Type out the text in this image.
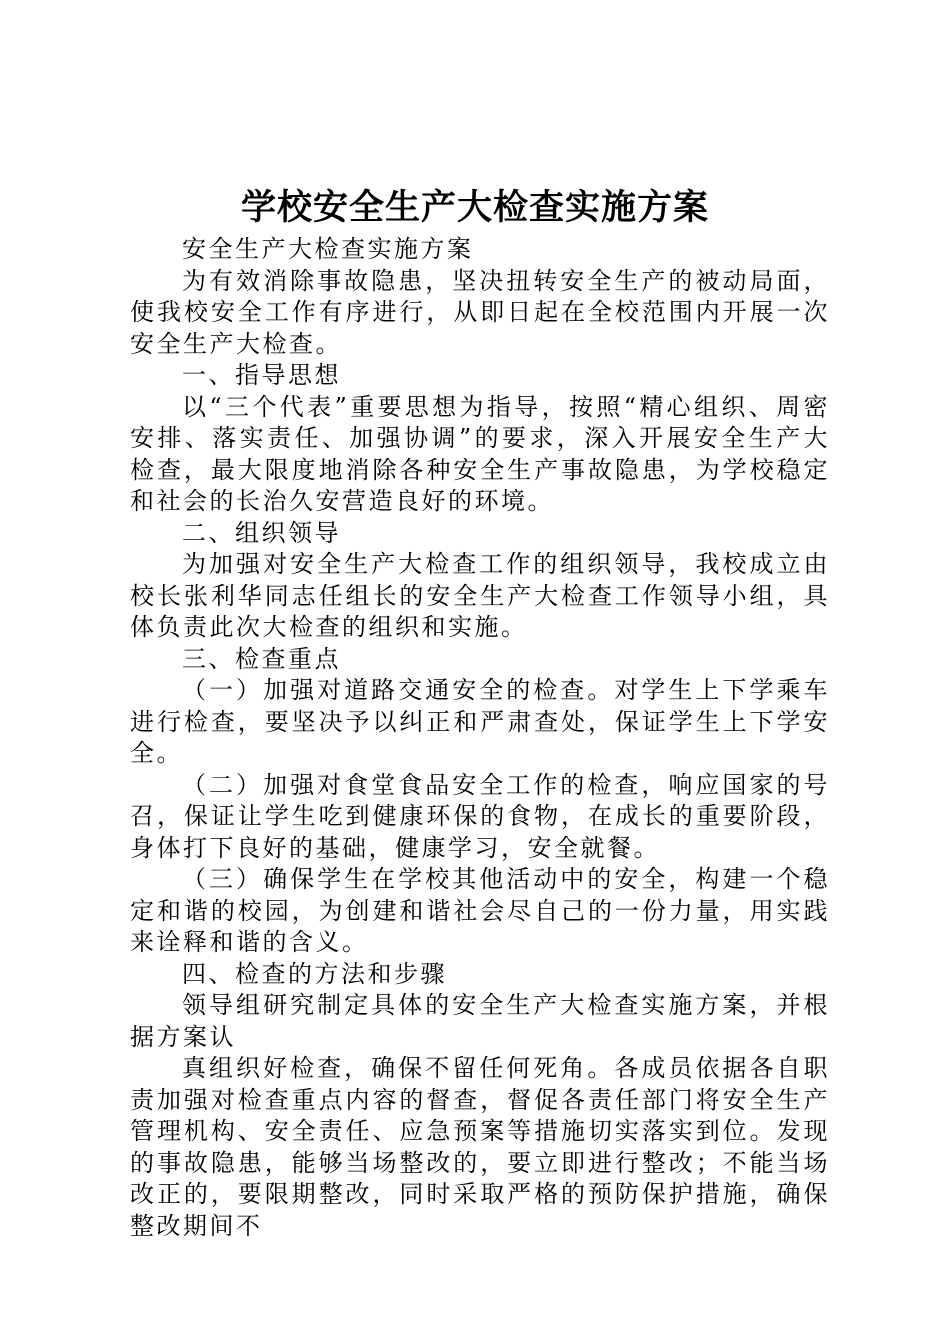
学校安全生产大检查实施方案

安全生产大检查实施方案

为有效消除事故隐患，坚决扭转安全生产的被动局面，使我校安全工作有序进行，从即日起在全校范围内开展一次安全生产大检查。

一、指导思想

以“三个代表”重要思想为指导，按照“精心组织、周密安排、落实责任、加强协调”的要求，深入开展安全生产大检查，最大限度地消除各种安全生产事故隐患，为学校稳定和社会的长治久安营造良好的环境。

二、组织领导

为加强对安全生产大检查工作的组织领导，我校成立由校长张利华同志任组长的安全生产大检查工作领导小组，具体负责此次大检查的组织和实施。

三、检查重点

（一）加强对道路交通安全的检查。对学生上下学乘车进行检查，要坚决予以纠正和严肃查处，保证学生上下学安全。

（二）加强对食堂食品安全工作的检查，响应国家的号召，保证让学生吃到健康环保的食物，在成长的重要阶段，身体打下良好的基础，健康学习，安全就餐。

（三）确保学生在学校其他活动中的安全，构建一个稳定和谐的校园，为创建和谐社会尽自己的一份力量，用实践来诠释和谐的含义。

四、检查的方法和步骤

领导组研究制定具体的安全生产大检查实施方案，并根据方案认

真组织好检查，确保不留任何死角。各成员依据各自职责加强对检查重点内容的督查，督促各责任部门将安全生产管理机构、安全责任、应急预案等措施切实落实到位。发现的事故隐患，能够当场整改的，要立即进行整改；不能当场改正的，要限期整改，同时采取严格的预防保护措施，确保整改期间不
